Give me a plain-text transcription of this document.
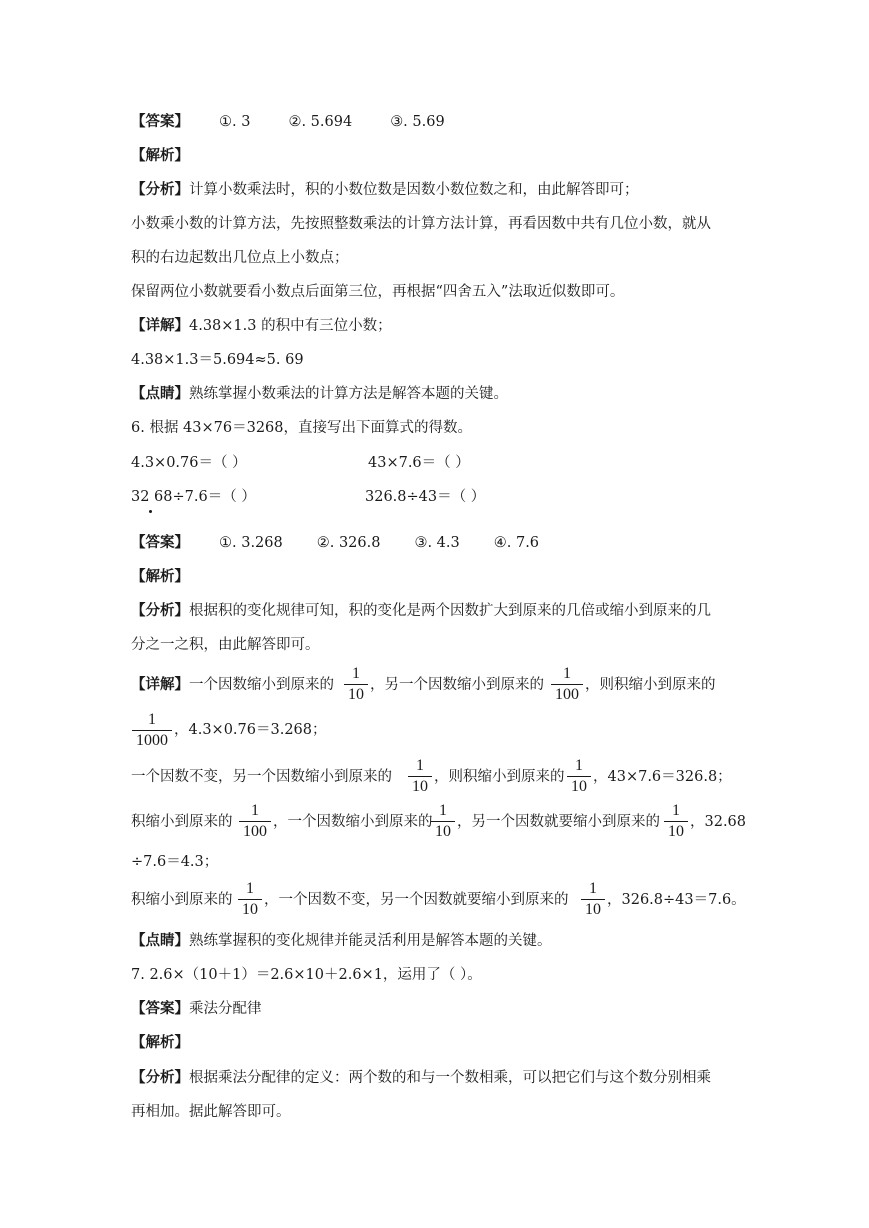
【答案】 ①. 3	②. 5.694	③. 5.69
【解析】
【分析】计算小数乘法时，积的小数位数是因数小数位数之和，由此解答即可；
小数乘小数的计算方法，先按照整数乘法的计算方法计算，再看因数中共有几位小数，就从
积的右边起数出几位点上小数点；
保留两位小数就要看小数点后面第三位，再根据“四舍五入”法取近似数即可。
【详解】4.38×1.3 的积中有三位小数；
4.38×1.3＝5.694≈5. 69
【点睛】熟练掌握小数乘法的计算方法是解答本题的关键。
6. 根据 43×76＝3268，直接写出下面算式的得数。
4.3×0.76＝（ ）	43×7.6＝（ ）
32 68÷7.6＝（ ）	326.8÷43＝（ ）
【答案】 ①. 3.268 ②. 326.8 ③. 4.3 ④. 7.6
【解析】
【分析】根据积的变化规律可知，积的变化是两个因数扩大到原来的几倍或缩小到原来的几
分之一之积，由此解答即可。
【详解】一个因数缩小到原来的
1
10
，另一个因数缩小到原来的
1
100
，则积缩小到原来的
1
1000
，4.3×0.76＝3.268；
一个因数不变，另一个因数缩小到原来的
1
10
，则积缩小到原来的
1
10
，43×7.6＝326.8；
积缩小到原来的
1
100
，一个因数缩小到原来的
1
10
，另一个因数就要缩小到原来的
1
10
，32.68
÷7.6＝4.3；
积缩小到原来的
1
10
，一个因数不变，另一个因数就要缩小到原来的
1
10
，326.8÷43＝7.6。
【点睛】熟练掌握积的变化规律并能灵活利用是解答本题的关键。
7. 2.6×（10＋1）＝2.6×10＋2.6×1，运用了（ ）。
【答案】乘法分配律
【解析】
【分析】根据乘法分配律的定义：两个数的和与一个数相乘，可以把它们与这个数分别相乘
再相加。据此解答即可。
